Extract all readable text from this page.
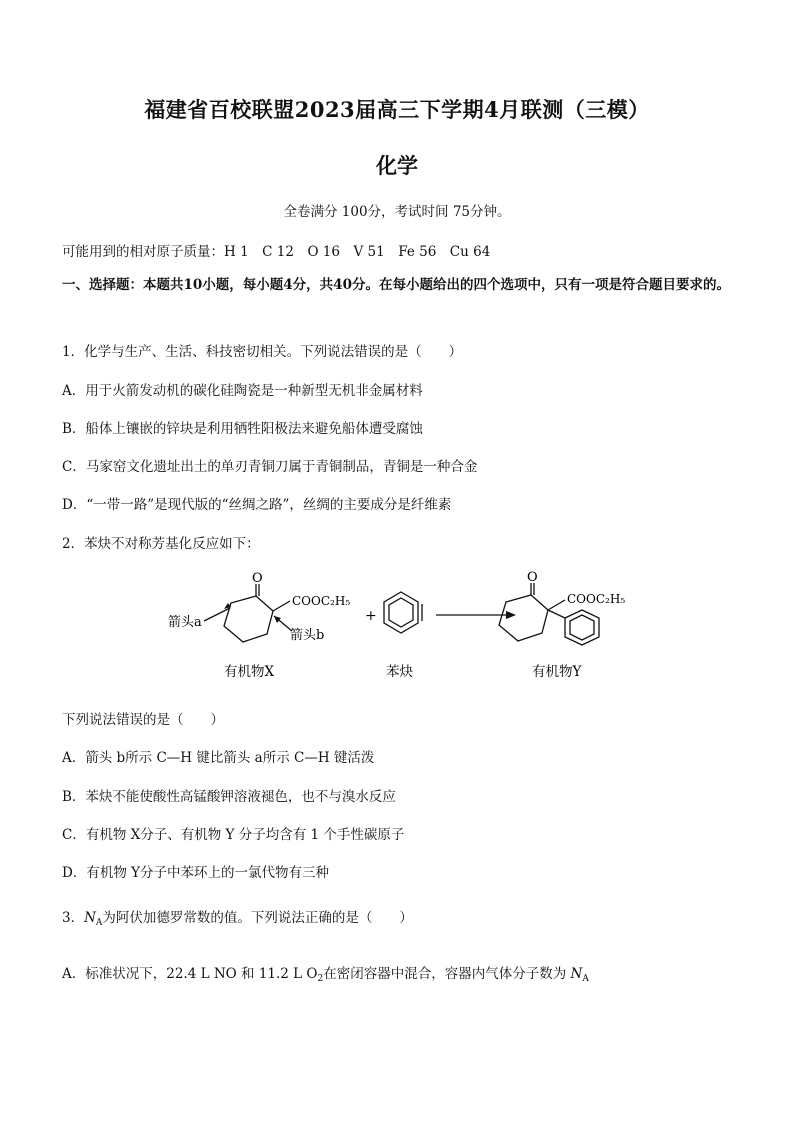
福建省百校联盟2023届高三下学期4月联测（三模）
化学
全卷满分 100分，考试时间 75分钟。
可能用到的相对原子质量：H 1　C 12　O 16　V 51　Fe 56　Cu 64
一、选择题：本题共10小题，每小题4分，共40分。在每小题给出的四个选项中，只有一项是符合题目要求的。
1．化学与生产、生活、科技密切相关。下列说法错误的是（　　）
A．用于火箭发动机的碳化硅陶瓷是一种新型无机非金属材料
B．船体上镶嵌的锌块是利用牺牲阳极法来避免船体遭受腐蚀
C．马家窑文化遗址出土的单刃青铜刀属于青铜制品，青铜是一种合金
D．“一带一路”是现代版的“丝绸之路”，丝绸的主要成分是纤维素
2．苯炔不对称芳基化反应如下：
O
COOC₂H₅
箭头a
箭头b
+
O
COOC₂H₅
有机物X	苯炔	有机物Y
下列说法错误的是（　　）
A．箭头 b所示 C—H 键比箭头 a所示 C—H 键活泼
B．苯炔不能使酸性高锰酸钾溶液褪色，也不与溴水反应
C．有机物 X分子、有机物 Y 分子均含有 1 个手性碳原子
D．有机物 Y分子中苯环上的一氯代物有三种
3．$N_A$为阿伏加德罗常数的值。下列说法正确的是（　　）
A．标准状况下，22.4 L NO 和 11.2 L $O_2$在密闭容器中混合，容器内气体分子数为 $N_A$
